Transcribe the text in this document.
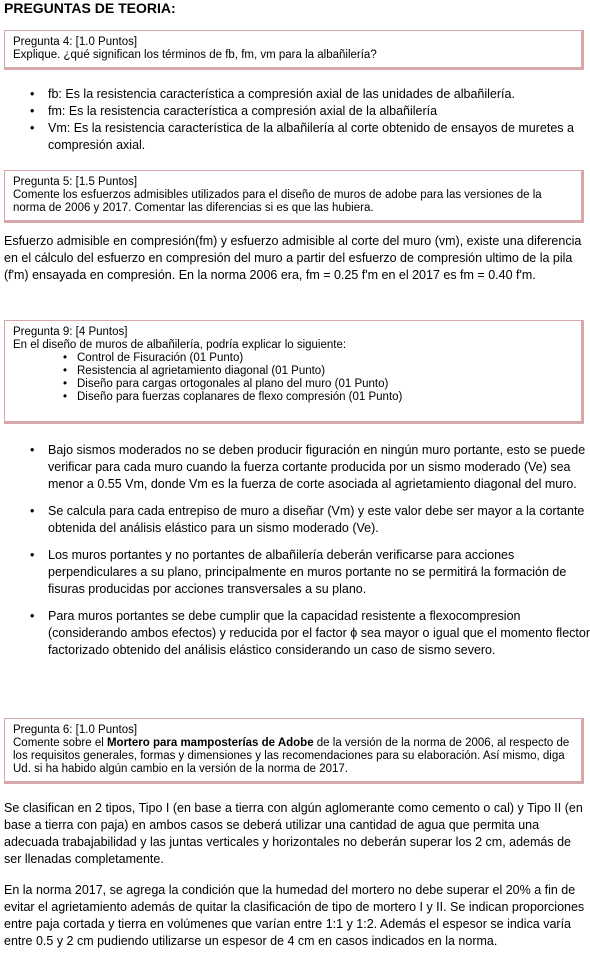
PREGUNTAS DE TEORIA:
Pregunta 4: [1.0 Puntos]
Explique. ¿qué significan los términos de fb, fm, vm para la albañilería?
• fb: Es la resistencia característica a compresión axial de las unidades de albañilería.
• fm: Es la resistencia característica a compresión axial de la albañilería
• Vm: Es la resistencia característica de la albañilería al corte obtenido de ensayos de muretes a compresión axial.
Pregunta 5: [1.5 Puntos]
Comente los esfuerzos admisibles utilizados para el diseño de muros de adobe para las versiones de la norma de 2006 y 2017. Comentar las diferencias si es que las hubiera.
Esfuerzo admisible en compresión(fm) y esfuerzo admisible al corte del muro (vm), existe una diferencia en el cálculo del esfuerzo en compresión del muro a partir del esfuerzo de compresión ultimo de la pila (f'm) ensayada en compresión. En la norma 2006 era, fm = 0.25 f'm en el 2017 es fm = 0.40 f'm.
Pregunta 9: [4 Puntos]
En el diseño de muros de albañilería, podría explicar lo siguiente:
• Control de Fisuración (01 Punto)
• Resistencia al agrietamiento diagonal (01 Punto)
• Diseño para cargas ortogonales al plano del muro (01 Punto)
• Diseño para fuerzas coplanares de flexo compresión (01 Punto)
• Bajo sismos moderados no se deben producir figuración en ningún muro portante, esto se puede verificar para cada muro cuando la fuerza cortante producida por un sismo moderado (Ve) sea menor a 0.55 Vm, donde Vm es la fuerza de corte asociada al agrietamiento diagonal del muro.
• Se calcula para cada entrepiso de muro a diseñar (Vm) y este valor debe ser mayor a la cortante obtenida del análisis elástico para un sismo moderado (Ve).
• Los muros portantes y no portantes de albañilería deberán verificarse para acciones perpendiculares a su plano, principalmente en muros portante no se permitirá la formación de fisuras producidas por acciones transversales a su plano.
• Para muros portantes se debe cumplir que la capacidad resistente a flexocompresion (considerando ambos efectos) y reducida por el factor ϕ sea mayor o igual que el momento flector factorizado obtenido del análisis elástico considerando un caso de sismo severo.
Pregunta 6: [1.0 Puntos]
Comente sobre el Mortero para mamposterías de Adobe de la versión de la norma de 2006, al respecto de los requisitos generales, formas y dimensiones y las recomendaciones para su elaboración. Así mismo, diga Ud. si ha habido algún cambio en la versión de la norma de 2017.
Se clasifican en 2 tipos, Tipo I (en base a tierra con algún aglomerante como cemento o cal) y Tipo II (en base a tierra con paja) en ambos casos se deberá utilizar una cantidad de agua que permita una adecuada trabajabilidad y las juntas verticales y horizontales no deberán superar los 2 cm, además de ser llenadas completamente.
En la norma 2017, se agrega la condición que la humedad del mortero no debe superar el 20% a fin de evitar el agrietamiento además de quitar la clasificación de tipo de mortero I y II. Se indican proporciones entre paja cortada y tierra en volúmenes que varían entre 1:1 y 1:2. Además el espesor se indica varía entre 0.5 y 2 cm pudiendo utilizarse un espesor de 4 cm en casos indicados en la norma.
